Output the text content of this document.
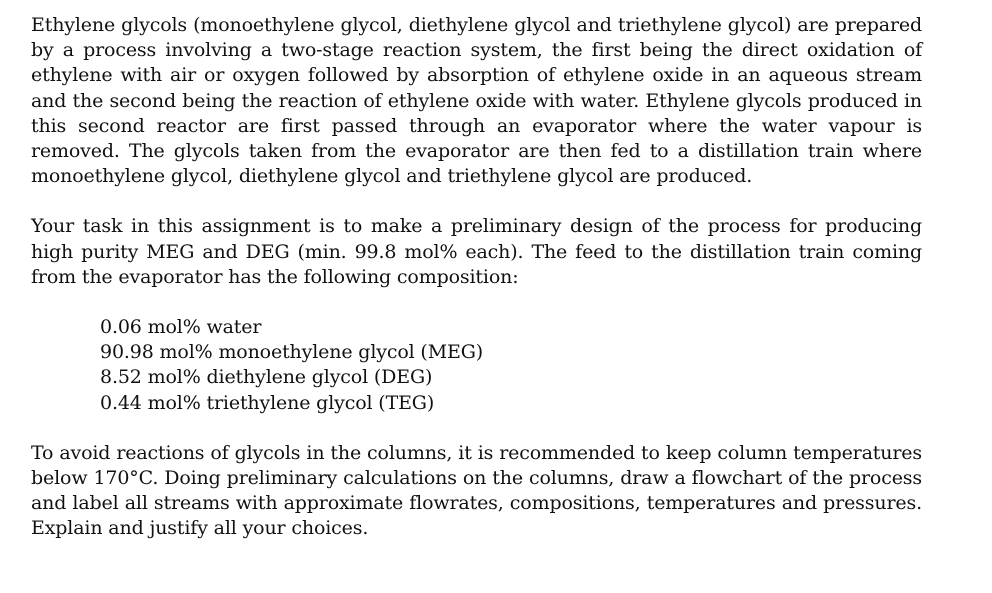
Ethylene glycols (monoethylene glycol, diethylene glycol and triethylene glycol) are prepared by a process involving a two-stage reaction system, the first being the direct oxidation of ethylene with air or oxygen followed by absorption of ethylene oxide in an aqueous stream and the second being the reaction of ethylene oxide with water. Ethylene glycols produced in this second reactor are first passed through an evaporator where the water vapour is removed. The glycols taken from the evaporator are then fed to a distillation train where monoethylene glycol, diethylene glycol and triethylene glycol are produced.

Your task in this assignment is to make a preliminary design of the process for producing high purity MEG and DEG (min. 99.8 mol% each). The feed to the distillation train coming from the evaporator has the following composition:

0.06 mol% water
90.98 mol% monoethylene glycol (MEG)
8.52 mol% diethylene glycol (DEG)
0.44 mol% triethylene glycol (TEG)

To avoid reactions of glycols in the columns, it is recommended to keep column temperatures below 170°C. Doing preliminary calculations on the columns, draw a flowchart of the process and label all streams with approximate flowrates, compositions, temperatures and pressures. Explain and justify all your choices.
